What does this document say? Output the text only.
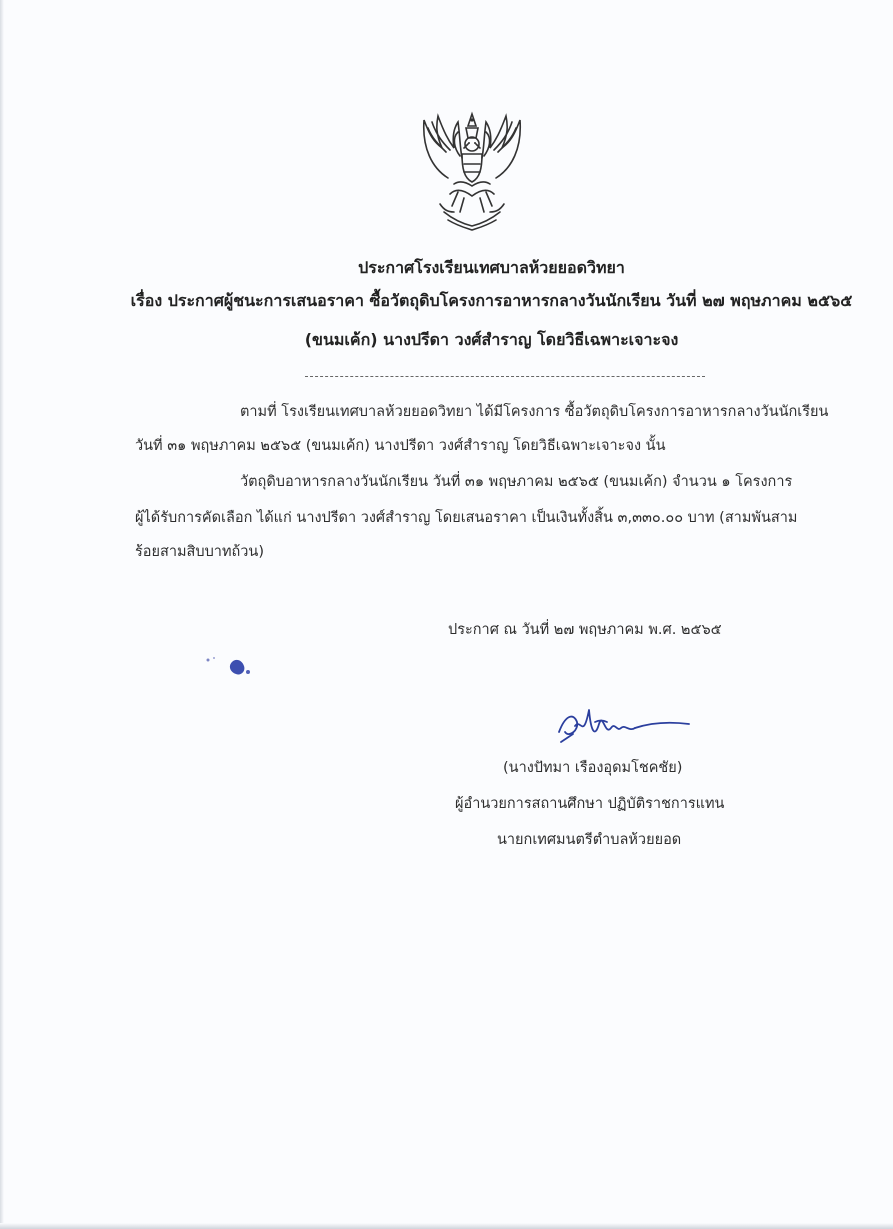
ประกาศโรงเรียนเทศบาลห้วยยอดวิทยา
เรื่อง ประกาศผู้ชนะการเสนอราคา ซื้อวัตถุดิบโครงการอาหารกลางวันนักเรียน วันที่ ๒๗ พฤษภาคม ๒๕๖๕
(ขนมเค้ก) นางปรีดา วงศ์สำราญ โดยวิธีเฉพาะเจาะจง
ตามที่ โรงเรียนเทศบาลห้วยยอดวิทยา ได้มีโครงการ ซื้อวัตถุดิบโครงการอาหารกลางวันนักเรียน
วันที่ ๓๑ พฤษภาคม ๒๕๖๕ (ขนมเค้ก) นางปรีดา วงศ์สำราญ โดยวิธีเฉพาะเจาะจง นั้น
วัตถุดิบอาหารกลางวันนักเรียน วันที่ ๓๑ พฤษภาคม ๒๕๖๕ (ขนมเค้ก) จำนวน ๑ โครงการ
ผู้ได้รับการคัดเลือก ได้แก่ นางปรีดา วงศ์สำราญ โดยเสนอราคา เป็นเงินทั้งสิ้น ๓,๓๓๐.๐๐ บาท (สามพันสาม
ร้อยสามสิบบาทถ้วน)
ประกาศ ณ วันที่ ๒๗ พฤษภาคม พ.ศ. ๒๕๖๕
(นางปัทมา เรืองอุดมโชคชัย)
ผู้อำนวยการสถานศึกษา ปฏิบัติราชการแทน
นายกเทศมนตรีตำบลห้วยยอด
